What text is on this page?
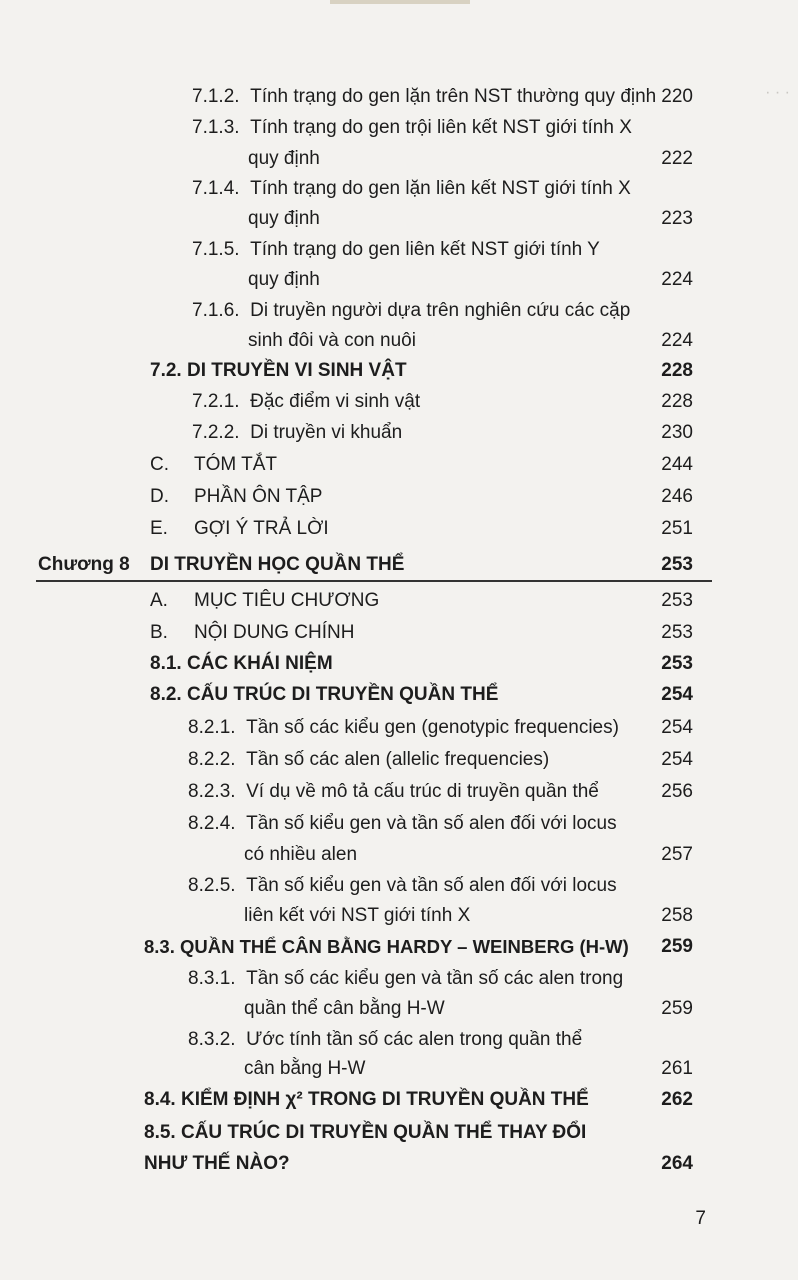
· · ·
7.1.2. Tính trạng do gen lặn trên NST thường quy định 220
7.1.3. Tính trạng do gen trội liên kết NST giới tính X
quy định	222
7.1.4. Tính trạng do gen lặn liên kết NST giới tính X
quy định	223
7.1.5. Tính trạng do gen liên kết NST giới tính Y
quy định	224
7.1.6. Di truyền người dựa trên nghiên cứu các cặp
sinh đôi và con nuôi	224
7.2. DI TRUYỀN VI SINH VẬT	228
7.2.1. Đặc điểm vi sinh vật	228
7.2.2. Di truyền vi khuẩn	230
C. TÓM TẮT	244
D. PHẦN ÔN TẬP	246
E. GỢI Ý TRẢ LỜI	251
Chương 8 DI TRUYỀN HỌC QUẦN THỂ	253
A. MỤC TIÊU CHƯƠNG	253
B. NỘI DUNG CHÍNH	253
8.1. CÁC KHÁI NIỆM	253
8.2. CẤU TRÚC DI TRUYỀN QUẦN THỂ	254
8.2.1. Tần số các kiểu gen (genotypic frequencies) 254
8.2.2. Tần số các alen (allelic frequencies)	254
8.2.3. Ví dụ về mô tả cấu trúc di truyền quần thể	256
8.2.4. Tần số kiểu gen và tần số alen đối với locus
có nhiều alen	257
8.2.5. Tần số kiểu gen và tần số alen đối với locus
liên kết với NST giới tính X	258
8.3. QUẦN THỂ CÂN BẰNG HARDY – WEINBERG (H-W) 259
8.3.1. Tần số các kiểu gen và tần số các alen trong
quần thể cân bằng H-W	259
8.3.2. Ước tính tần số các alen trong quần thể
cân bằng H-W	261
8.4. KIỂM ĐỊNH χ² TRONG DI TRUYỀN QUẦN THỂ	262
8.5. CẤU TRÚC DI TRUYỀN QUẦN THỂ THAY ĐỔI
NHƯ THẾ NÀO?	264
7
